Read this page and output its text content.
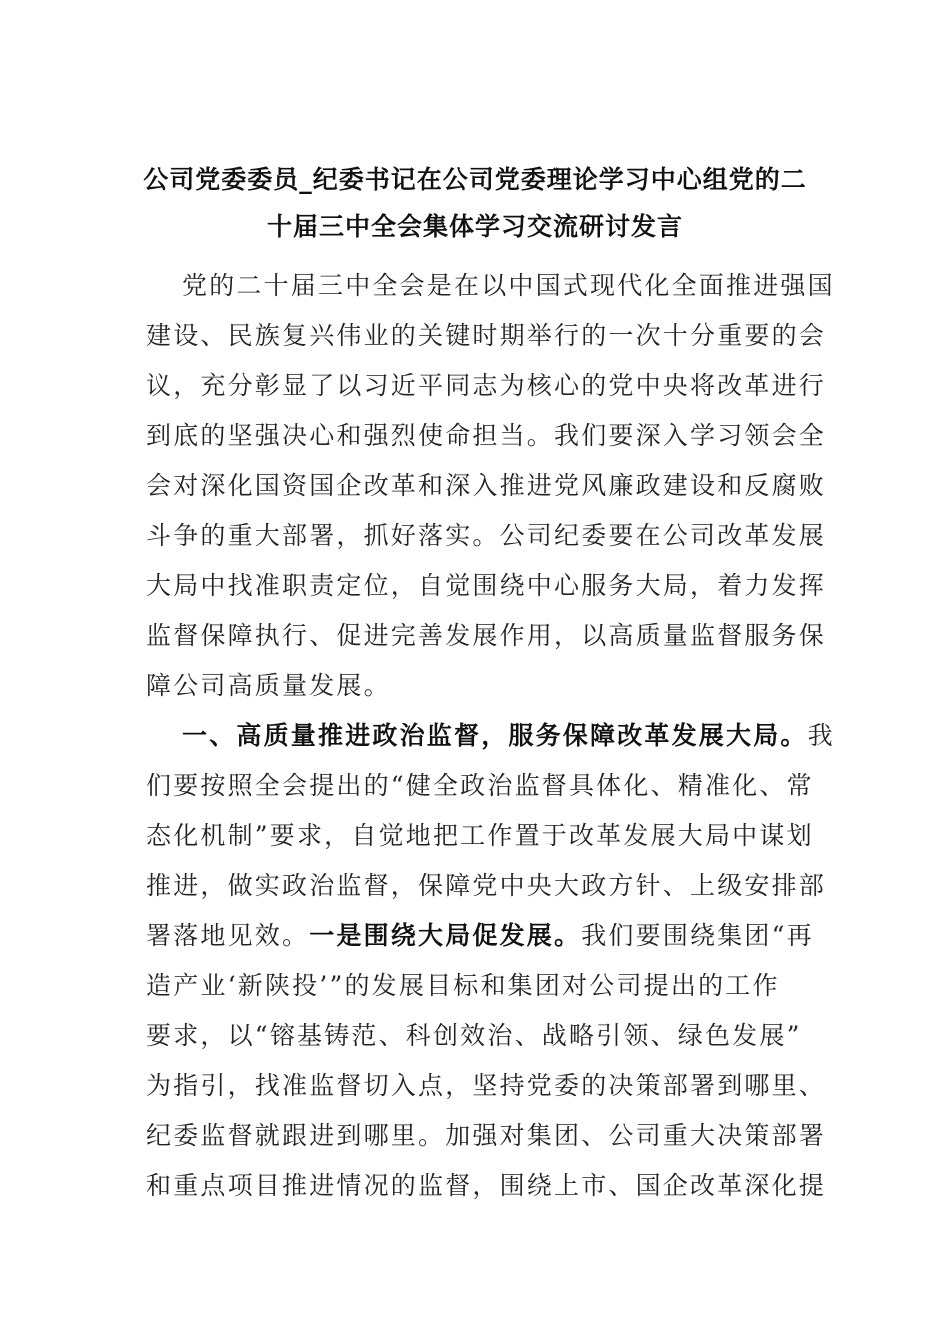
公司党委委员_纪委书记在公司党委理论学习中心组党的二
十届三中全会集体学习交流研讨发言
党的二十届三中全会是在以中国式现代化全面推进强国
建设、民族复兴伟业的关键时期举行的一次十分重要的会
议，充分彰显了以习近平同志为核心的党中央将改革进行
到底的坚强决心和强烈使命担当。我们要深入学习领会全
会对深化国资国企改革和深入推进党风廉政建设和反腐败
斗争的重大部署，抓好落实。公司纪委要在公司改革发展
大局中找准职责定位，自觉围绕中心服务大局，着力发挥
监督保障执行、促进完善发展作用，以高质量监督服务保
障公司高质量发展。
一、高质量推进政治监督，服务保障改革发展大局。我
们要按照全会提出的“健全政治监督具体化、精准化、常
态化机制”要求，自觉地把工作置于改革发展大局中谋划
推进，做实政治监督，保障党中央大政方针、上级安排部
署落地见效。一是围绕大局促发展。我们要围绕集团“再
造产业‘新陕投’”的发展目标和集团对公司提出的工作
要求，以“镕基铸范、科创效治、战略引领、绿色发展”
为指引，找准监督切入点，坚持党委的决策部署到哪里、
纪委监督就跟进到哪里。加强对集团、公司重大决策部署
和重点项目推进情况的监督，围绕上市、国企改革深化提
